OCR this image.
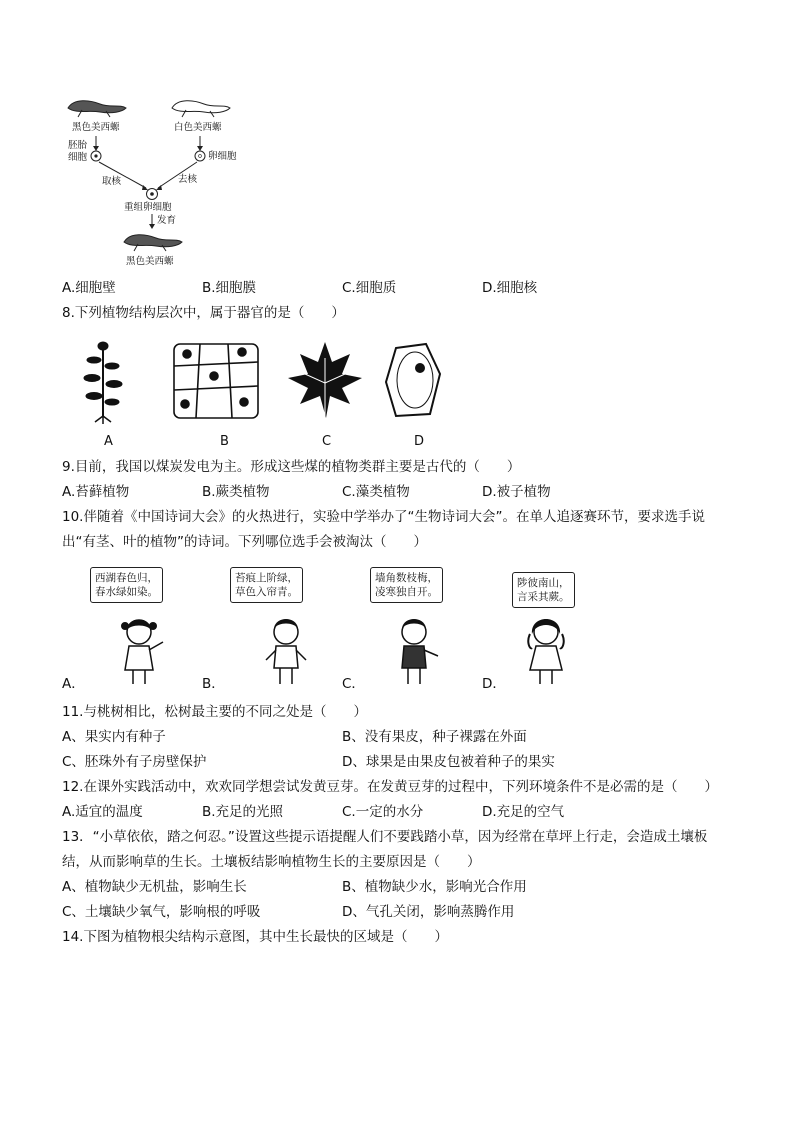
黑色美西螈	白色美西螈
胚胎
细胞	卵细胞
取核	去核
重组卵细胞
发育
黑色美西螈
A.细胞壁	B.细胞膜	C.细胞质	D.细胞核
8.下列植物结构层次中，属于器官的是（　　）
A	B	C	D
9.目前，我国以煤炭发电为主。形成这些煤的植物类群主要是古代的（　　）
A.苔藓植物	B.蕨类植物	C.藻类植物	D.被子植物
10.伴随着《中国诗词大会》的火热进行，实验中学举办了“生物诗词大会”。在单人追逐赛环节，要求选手说
出“有茎、叶的植物”的诗词。下列哪位选手会被淘汰（　　）
西湖春色归，
春水绿如染。
A．
苔痕上阶绿，
草色入帘青。
B．
墙角数枝梅，
凌寒独自开。
C．
陟彼南山，
言采其蕨。
D．
11.与桃树相比，松树最主要的不同之处是（　　）
A、果实内有种子	B、没有果皮，种子裸露在外面
C、胚珠外有子房壁保护	D、球果是由果皮包被着种子的果实
12.在课外实践活动中，欢欢同学想尝试发黄豆芽。在发黄豆芽的过程中，下列环境条件不是必需的是（　　）
A.适宜的温度	B.充足的光照	C.一定的水分	D.充足的空气
13．“小草依依，踏之何忍。”设置这些提示语提醒人们不要践踏小草，因为经常在草坪上行走，会造成土壤板
结，从而影响草的生长。土壤板结影响植物生长的主要原因是（　　）
A、植物缺少无机盐，影响生长	B、植物缺少水，影响光合作用
C、土壤缺少氧气，影响根的呼吸	D、气孔关闭，影响蒸腾作用
14.下图为植物根尖结构示意图，其中生长最快的区域是（　　）
